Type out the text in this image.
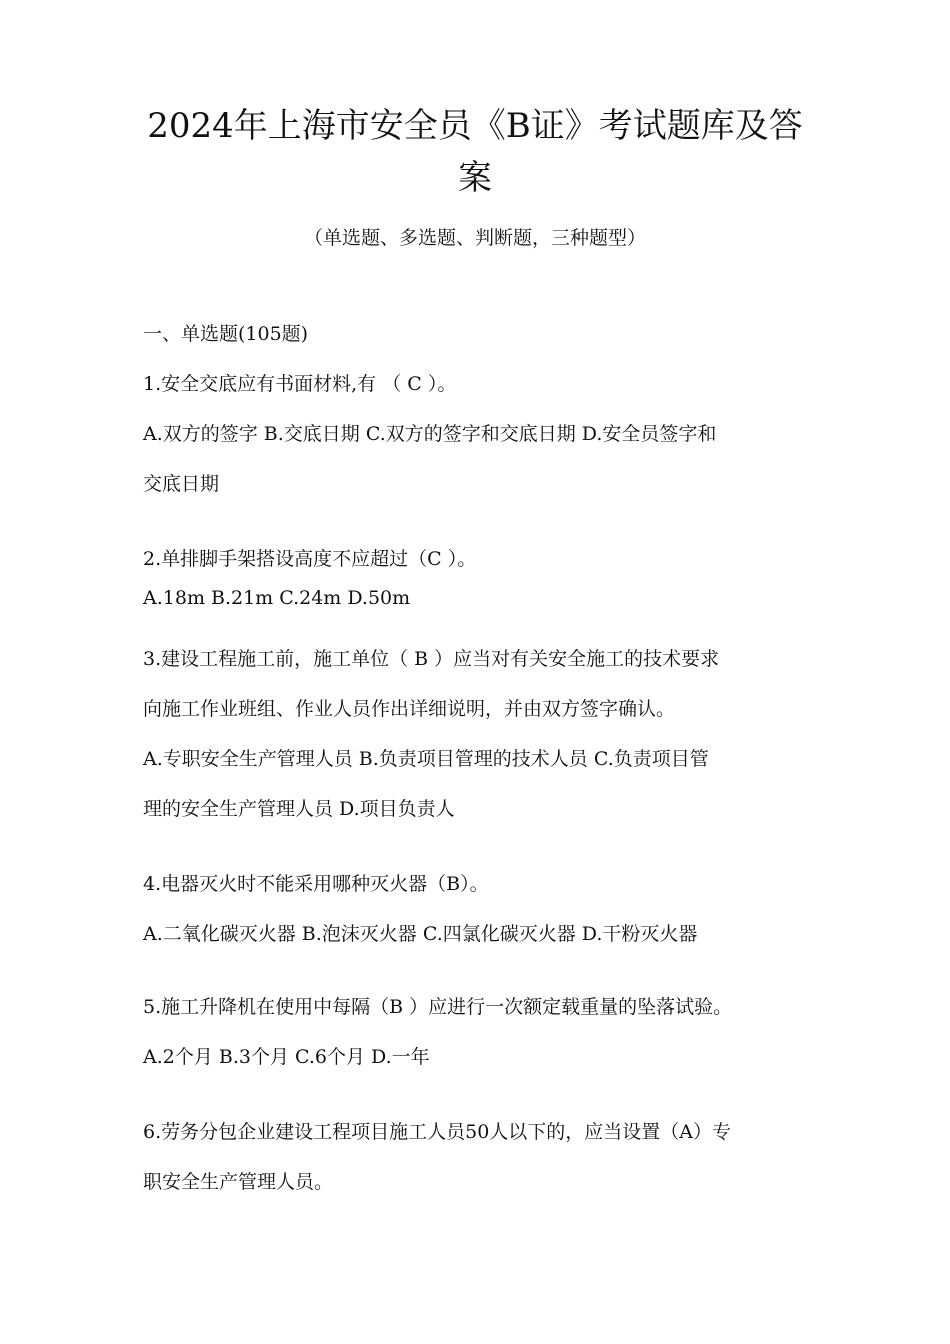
2024年上海市安全员《B证》考试题库及答
案

（单选题、多选题、判断题，三种题型）

一、单选题(105题)

1.安全交底应有书面材料,有 （ C ）。

A.双方的签字 B.交底日期 C.双方的签字和交底日期 D.安全员签字和

交底日期

2.单排脚手架搭设高度不应超过（C ）。

A.18m B.21m C.24m D.50m

3.建设工程施工前，施工单位（ B ）应当对有关安全施工的技术要求

向施工作业班组、作业人员作出详细说明，并由双方签字确认。

A.专职安全生产管理人员 B.负责项目管理的技术人员 C.负责项目管

理的安全生产管理人员 D.项目负责人

4.电器灭火时不能采用哪种灭火器（B）。

A.二氧化碳灭火器 B.泡沫灭火器 C.四氯化碳灭火器 D.干粉灭火器

5.施工升降机在使用中每隔（B ）应进行一次额定载重量的坠落试验。

A.2个月 B.3个月 C.6个月 D.一年

6.劳务分包企业建设工程项目施工人员50人以下的，应当设置（A）专

职安全生产管理人员。
